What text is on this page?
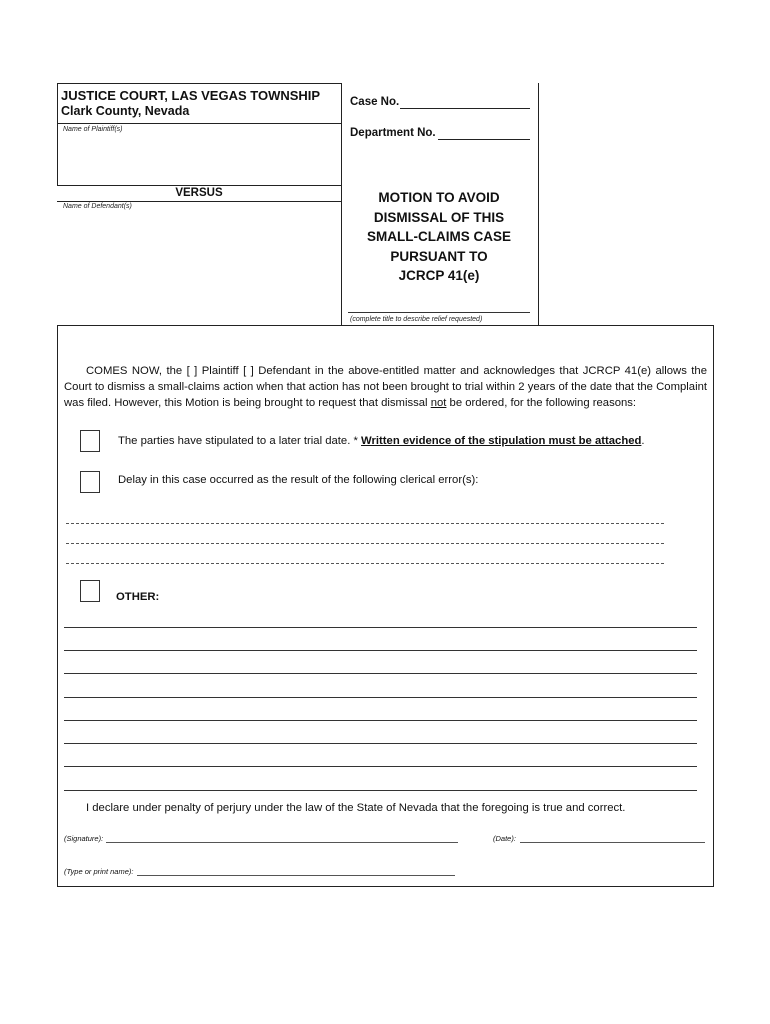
JUSTICE COURT, LAS VEGAS TOWNSHIP
Clark County, Nevada
Name of Plaintiff(s)
VERSUS
Name of Defendant(s)
Case No.
Department No.
MOTION TO AVOID
DISMISSAL OF THIS
SMALL-CLAIMS CASE
PURSUANT TO
JCRCP 41(e)
(complete title to describe relief requested)
COMES NOW, the [ ] Plaintiff [ ] Defendant in the above-entitled matter and acknowledges that JCRCP 41(e) allows the Court to dismiss a small-claims action when that action has not been brought to trial within 2 years of the date that the Complaint was filed. However, this Motion is being brought to request that dismissal not be ordered, for the following reasons:
The parties have stipulated to a later trial date. * Written evidence of the stipulation must be attached.
Delay in this case occurred as the result of the following clerical error(s):
OTHER:
I declare under penalty of perjury under the law of the State of Nevada that the foregoing is true and correct.
(Signature):	(Date):
(Type or print name):
